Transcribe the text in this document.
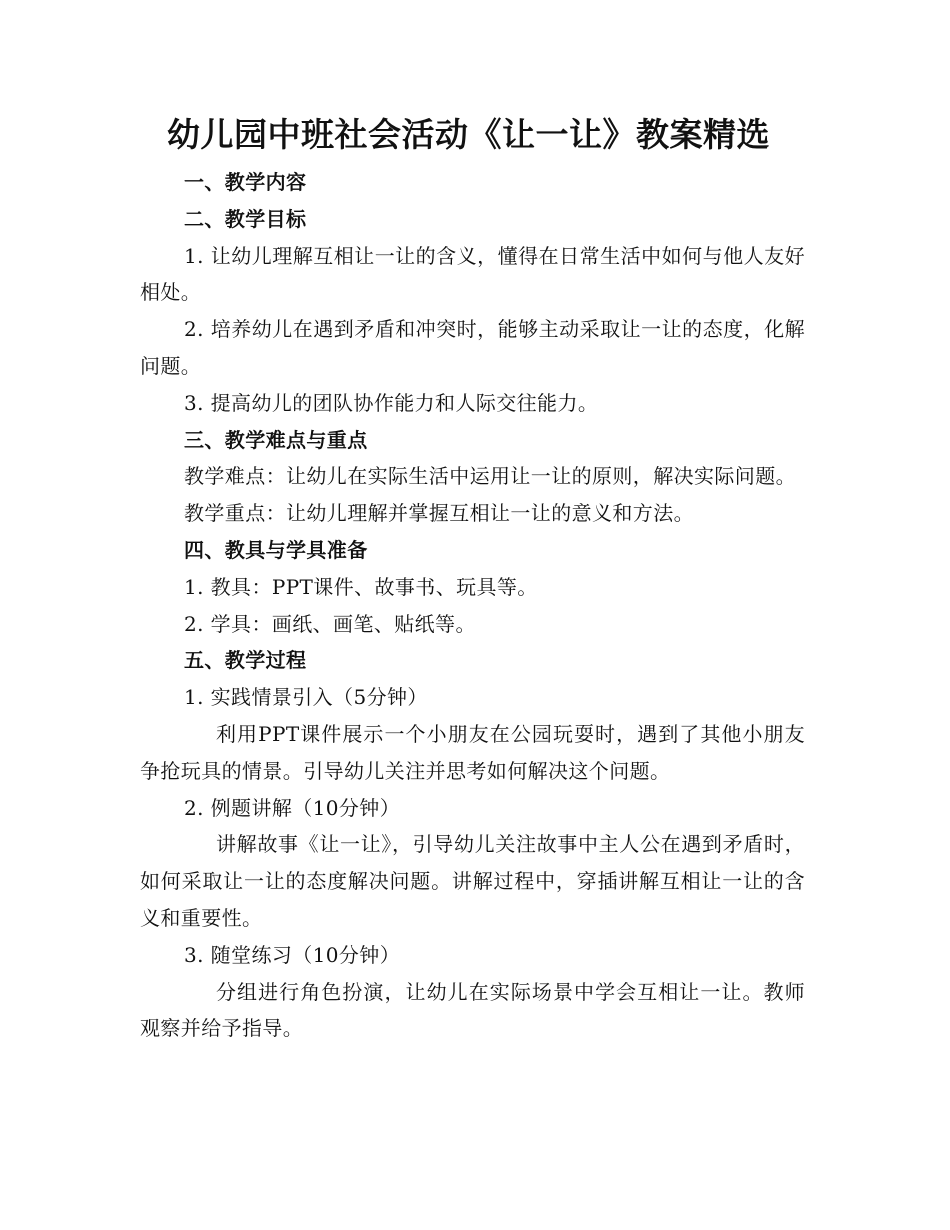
幼儿园中班社会活动《让一让》教案精选

一、教学内容

二、教学目标

1. 让幼儿理解互相让一让的含义，懂得在日常生活中如何与他人友好相处。

2. 培养幼儿在遇到矛盾和冲突时，能够主动采取让一让的态度，化解问题。

3. 提高幼儿的团队协作能力和人际交往能力。

三、教学难点与重点

教学难点：让幼儿在实际生活中运用让一让的原则，解决实际问题。

教学重点：让幼儿理解并掌握互相让一让的意义和方法。

四、教具与学具准备

1. 教具：PPT课件、故事书、玩具等。

2. 学具：画纸、画笔、贴纸等。

五、教学过程

1. 实践情景引入（5分钟）

利用PPT课件展示一个小朋友在公园玩耍时，遇到了其他小朋友争抢玩具的情景。引导幼儿关注并思考如何解决这个问题。

2. 例题讲解（10分钟）

讲解故事《让一让》，引导幼儿关注故事中主人公在遇到矛盾时，如何采取让一让的态度解决问题。讲解过程中，穿插讲解互相让一让的含义和重要性。

3. 随堂练习（10分钟）

分组进行角色扮演，让幼儿在实际场景中学会互相让一让。教师观察并给予指导。
